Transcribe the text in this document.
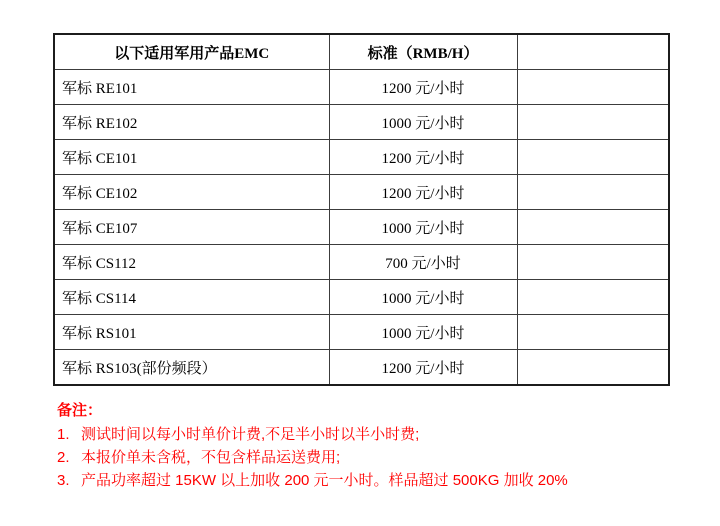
以下适用军用产品EMC	标准（RMB/H）	
军标 RE101	1200 元/小时	
军标 RE102	1000 元/小时	
军标 CE101	1200 元/小时	
军标 CE102	1200 元/小时	
军标 CE107	1000 元/小时	
军标 CS112	700 元/小时	
军标 CS114	1000 元/小时	
军标 RS101	1000 元/小时	
军标 RS103(部份频段）	1200 元/小时	
备注：
1. 测试时间以每小时单价计费,不足半小时以半小时费;
2. 本报价单未含税，不包含样品运送费用;
3. 产品功率超过 15KW 以上加收 200 元一小时。样品超过 500KG 加收 20%
